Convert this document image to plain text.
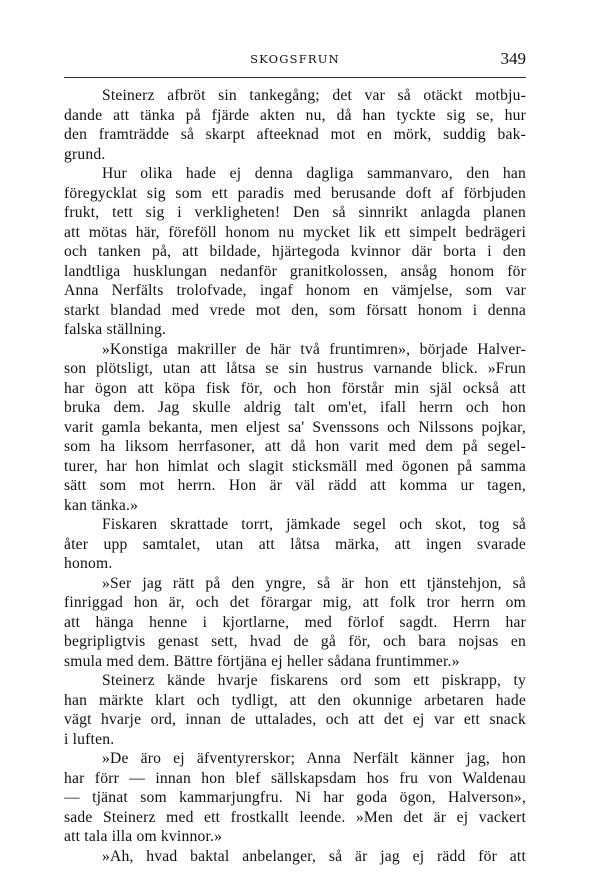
SKOGSFRUN	349
Steinerz afbröt sin tankegång; det var så otäckt motbju-
dande att tänka på fjärde akten nu, då han tyckte sig se, hur
den framträdde så skarpt afteeknad mot en mörk, suddig bak-
grund.
Hur olika hade ej denna dagliga sammanvaro, den han
föregycklat sig som ett paradis med berusande doft af förbjuden
frukt, tett sig i verkligheten! Den så sinnrikt anlagda planen
att mötas här, föreföll honom nu mycket lik ett simpelt bedrägeri
och tanken på, att bildade, hjärtegoda kvinnor där borta i den
landtliga husklungan nedanför granitkolossen, ansåg honom för
Anna Nerfälts trolofvade, ingaf honom en vämjelse, som var
starkt blandad med vrede mot den, som försatt honom i denna
falska ställning.
»Konstiga makriller de här två fruntimren», började Halver-
son plötsligt, utan att låtsa se sin hustrus varnande blick. »Frun
har ögon att köpa fisk för, och hon förstår min själ också att
bruka dem. Jag skulle aldrig talt om'et, ifall herrn och hon
varit gamla bekanta, men eljest sa' Svenssons och Nilssons pojkar,
som ha liksom herrfasoner, att då hon varit med dem på segel-
turer, har hon himlat och slagit sticksmäll med ögonen på samma
sätt som mot herrn. Hon är väl rädd att komma ur tagen,
kan tänka.»
Fiskaren skrattade torrt, jämkade segel och skot, tog så
åter upp samtalet, utan att låtsa märka, att ingen svarade
honom.
»Ser jag rätt på den yngre, så är hon ett tjänstehjon, så
finriggad hon är, och det förargar mig, att folk tror herrn om
att hänga henne i kjortlarne, med förlof sagdt. Herrn har
begripligtvis genast sett, hvad de gå för, och bara nojsas en
smula med dem. Bättre förtjäna ej heller sådana fruntimmer.»
Steinerz kände hvarje fiskarens ord som ett piskrapp, ty
han märkte klart och tydligt, att den okunnige arbetaren hade
vägt hvarje ord, innan de uttalades, och att det ej var ett snack
i luften.
»De äro ej äfventyrerskor; Anna Nerfält känner jag, hon
har förr — innan hon blef sällskapsdam hos fru von Waldenau
— tjänat som kammarjungfru. Ni har goda ögon, Halverson»,
sade Steinerz med ett frostkallt leende. »Men det är ej vackert
att tala illa om kvinnor.»
»Ah, hvad baktal anbelanger, så är jag ej rädd för att
